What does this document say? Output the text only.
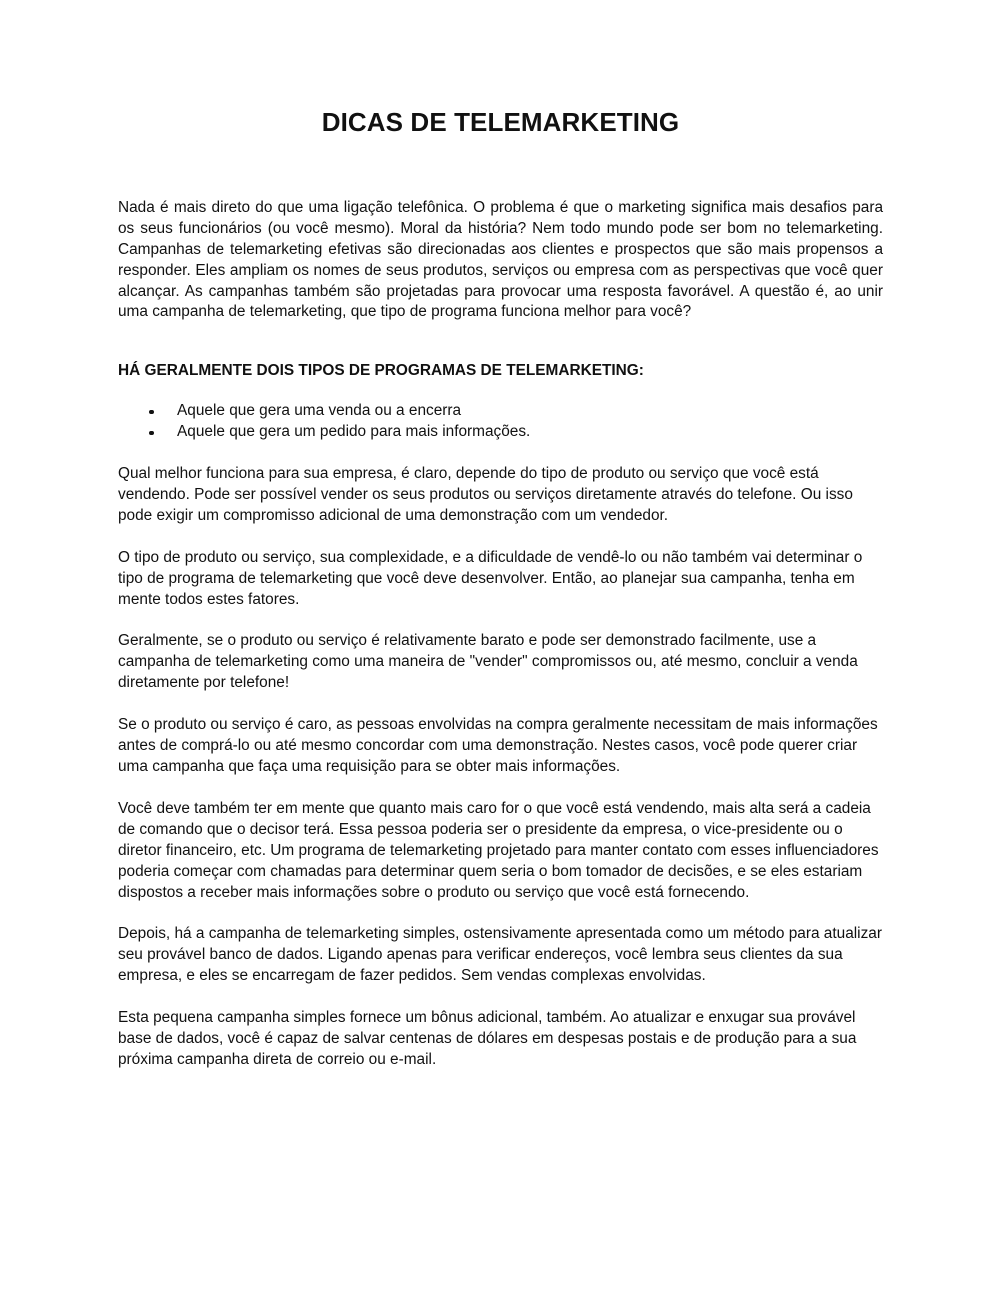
DICAS DE TELEMARKETING

Nada é mais direto do que uma ligação telefônica. O problema é que o marketing significa mais desafios para os seus funcionários (ou você mesmo). Moral da história? Nem todo mundo pode ser bom no telemarketing. Campanhas de telemarketing efetivas são direcionadas aos clientes e prospectos que são mais propensos a responder. Eles ampliam os nomes de seus produtos, serviços ou empresa com as perspectivas que você quer alcançar. As campanhas também são projetadas para provocar uma resposta favorável. A questão é, ao unir uma campanha de telemarketing, que tipo de programa funciona melhor para você?

HÁ GERALMENTE DOIS TIPOS DE PROGRAMAS DE TELEMARKETING:
Aquele que gera uma venda ou a encerra
Aquele que gera um pedido para mais informações.

Qual melhor funciona para sua empresa, é claro, depende do tipo de produto ou serviço que você está vendendo. Pode ser possível vender os seus produtos ou serviços diretamente através do telefone. Ou isso pode exigir um compromisso adicional de uma demonstração com um vendedor.

O tipo de produto ou serviço, sua complexidade, e a dificuldade de vendê-lo ou não também vai determinar o tipo de programa de telemarketing que você deve desenvolver. Então, ao planejar sua campanha, tenha em mente todos estes fatores.

Geralmente, se o produto ou serviço é relativamente barato e pode ser demonstrado facilmente, use a campanha de telemarketing como uma maneira de "vender" compromissos ou, até mesmo, concluir a venda diretamente por telefone!

Se o produto ou serviço é caro, as pessoas envolvidas na compra geralmente necessitam de mais informações antes de comprá-lo ou até mesmo concordar com uma demonstração. Nestes casos, você pode querer criar uma campanha que faça uma requisição para se obter mais informações.

Você deve também ter em mente que quanto mais caro for o que você está vendendo, mais alta será a cadeia de comando que o decisor terá. Essa pessoa poderia ser o presidente da empresa, o vice-presidente ou o diretor financeiro, etc. Um programa de telemarketing projetado para manter contato com esses influenciadores poderia começar com chamadas para determinar quem seria o bom tomador de decisões, e se eles estariam dispostos a receber mais informações sobre o produto ou serviço que você está fornecendo.

Depois, há a campanha de telemarketing simples, ostensivamente apresentada como um método para atualizar seu provável banco de dados. Ligando apenas para verificar endereços, você lembra seus clientes da sua empresa, e eles se encarregam de fazer pedidos. Sem vendas complexas envolvidas.

Esta pequena campanha simples fornece um bônus adicional, também. Ao atualizar e enxugar sua provável base de dados, você é capaz de salvar centenas de dólares em despesas postais e de produção para a sua próxima campanha direta de correio ou e-mail.
